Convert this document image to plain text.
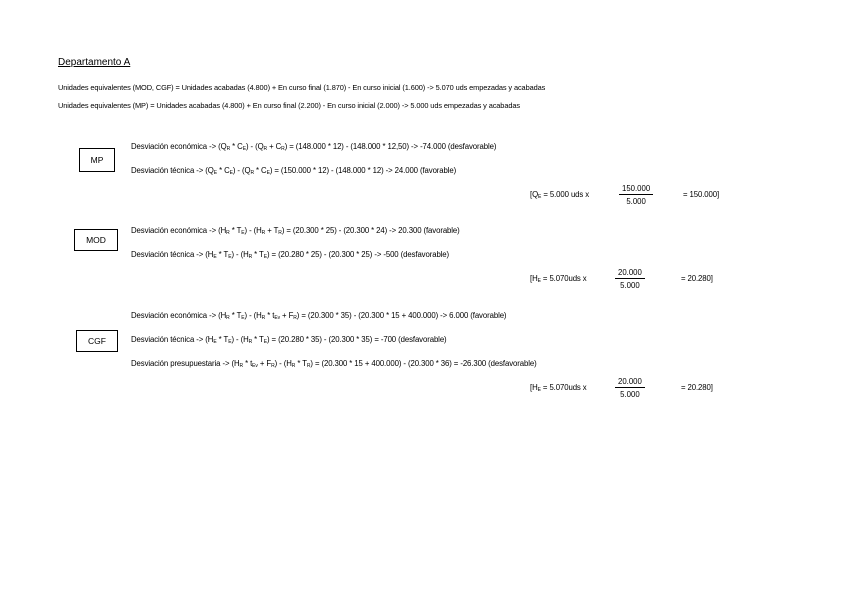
Departamento A
Unidades equivalentes (MOD, CGF) = Unidades acabadas (4.800) + En curso final (1.870) - En curso inicial (1.600) -> 5.070 uds empezadas y acabadas
Unidades equivalentes (MP) = Unidades acabadas (4.800) + En curso final (2.200) - En curso inicial (2.000) -> 5.000 uds empezadas y acabadas
MP
Desviación económica -> $(Q_R * C_E) - (Q_R + C_R) = (148.000 * 12) - (148.000 * 12,50) -> -74.000$ (desfavorable)
Desviación técnica -> $(Q_E * C_E) - (Q_R * C_E) = (150.000 * 12) - (148.000 * 12) -> 24.000$ (favorable)
[$Q_E = 5.000$ uds x	$\frac{150.000}{5.000}$	= 150.000]
MOD
Desviación económica -> $(H_R * T_E) - (H_R + T_R) = (20.300 * 25) - (20.300 * 24) -> 20.300$ (favorable)
Desviación técnica -> $(H_E * T_E) - (H_R * T_E) = (20.280 * 25) - (20.300 * 25) -> -500$ (desfavorable)
[$H_E = 5.070uds$ x	$\frac{20.000}{5.000}$	= 20.280]
CGF
Desviación económica -> $(H_R * T_E) - (H_R * t_{Ev} + F_R) = (20.300 * 35) - (20.300 * 15 + 400.000) -> 6.000$ (favorable)
Desviación técnica -> $(H_E * T_E) - (H_R * T_E) = (20.280 * 35) - (20.300 * 35) = -700$ (desfavorable)
Desviación presupuestaria -> $(H_R * t_{Ev} + F_R) - (H_R * T_R) = (20.300 * 15 + 400.000) - (20.300 * 36) = -26.300$ (desfavorable)
[$H_E = 5.070uds$ x	$\frac{20.000}{5.000}$	= 20.280]
